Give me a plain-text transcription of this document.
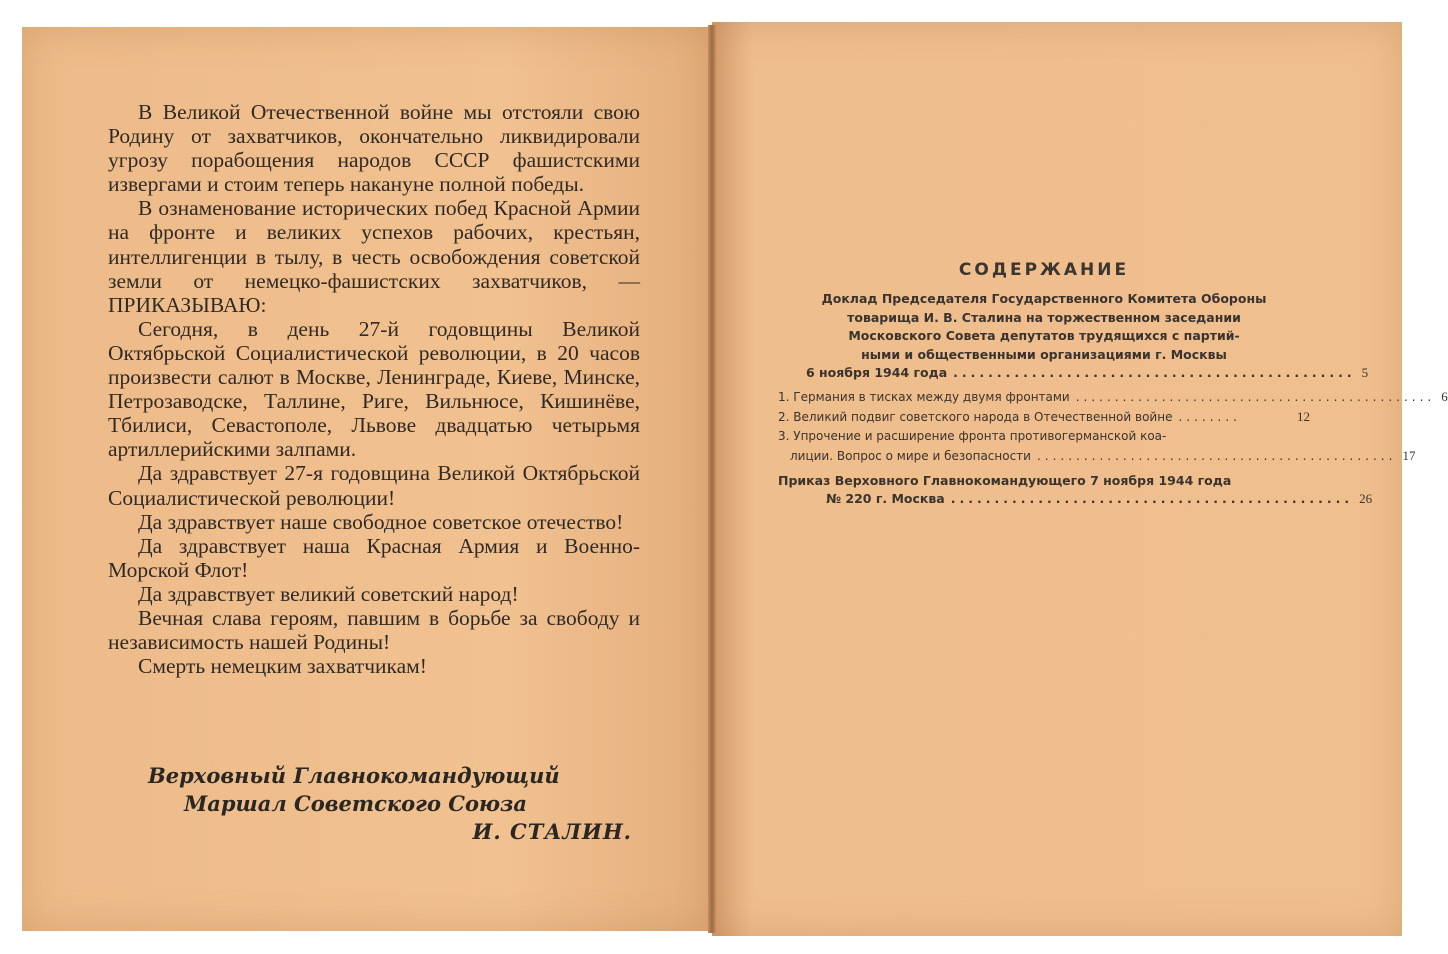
В Великой Отечественной войне мы отстояли свою Родину от захватчиков, окончательно ликвидировали угрозу порабощения народов СССР фашистскими извергами и стоим теперь накануне полной победы.

В ознаменование исторических побед Красной Армии на фронте и великих успехов рабочих, крестьян, интеллигенции в тылу, в честь освобождения советской земли от немецко-фашистских захватчиков, — ПРИКАЗЫВАЮ:

Сегодня, в день 27-й годовщины Великой Октябрьской Социалистической революции, в 20 часов произвести салют в Москве, Ленинграде, Киеве, Минске, Петрозаводске, Таллине, Риге, Вильнюсе, Кишинёве, Тбилиси, Севастополе, Львове двадцатью четырьмя артиллерийскими залпами.

Да здравствует 27-я годовщина Великой Октябрьской Социалистической революции!

Да здравствует наше свободное советское отечество!

Да здравствует наша Красная Армия и Военно-Морской Флот!

Да здравствует великий советский народ!

Вечная слава героям, павшим в борьбе за свободу и независимость нашей Родины!

Смерть немецким захватчикам!

Верховный Главнокомандующий
Маршал Советского Союза
И. СТАЛИН.
СОДЕРЖАНИЕ
Доклад Председателя Государственного Комитета Обороны
товарища И. В. Сталина на торжественном заседании
Московского Совета депутатов трудящихся с партий-
ными и общественными организациями г. Москвы
6 ноября 1944 года .............................................. 5
1. Германия в тисках между двумя фронтами .............................................. 6
2. Великий подвиг советского народа в Отечественной войне ........	12
3. Упрочение и расширение фронта противогерманской коа-
лиции. Вопрос о мире и безопасности .............................................. 17
Приказ Верховного Главнокомандующего 7 ноября 1944 года
№ 220 г. Москва .............................................. 26
